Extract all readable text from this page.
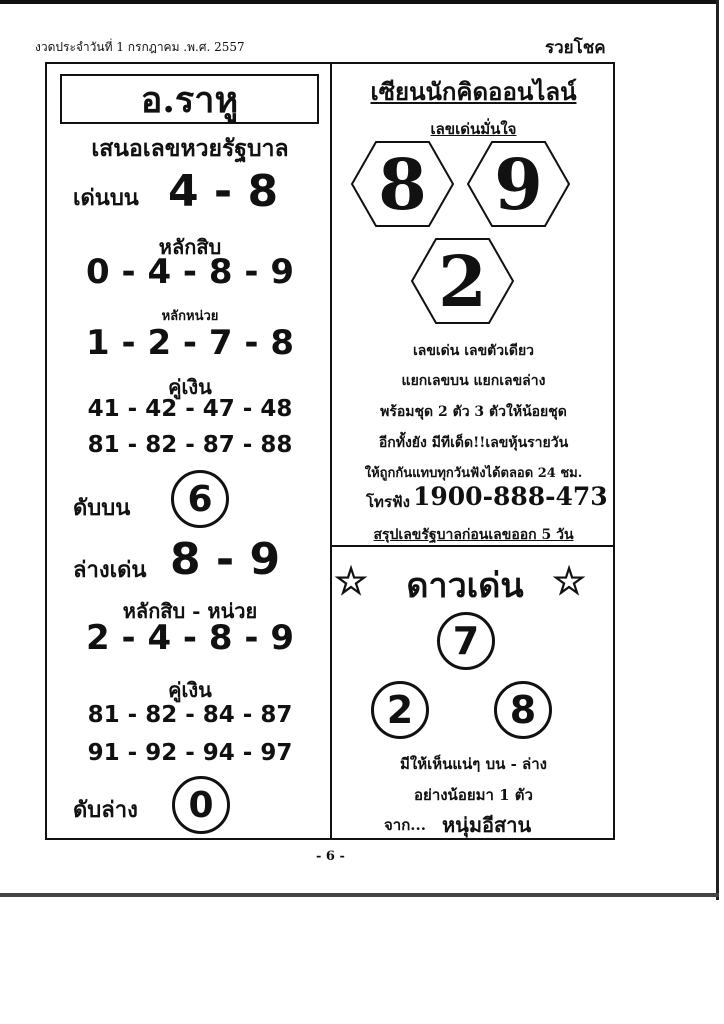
งวดประจำวันที่ 1 กรกฎาคม .พ.ศ. 2557	รวยโชค
อ.ราหู
เสนอเลขหวยรัฐบาล
เด่นบน 4 - 8
หลักสิบ
0 - 4 - 8 - 9
หลักหน่วย
1 - 2 - 7 - 8
คู่เงิน
41 - 42 - 47 - 48
81 - 82 - 87 - 88
ดับบน 6
ล่างเด่น 8 - 9
หลักสิบ - หน่วย
2 - 4 - 8 - 9
คู่เงิน
81 - 82 - 84 - 87
91 - 92 - 94 - 97
ดับล่าง 0
เซียนนักคิดออนไลน์
เลขเด่นมั่นใจ
8 9
2
เลขเด่น เลขตัวเดียว
แยกเลขบน แยกเลขล่าง
พร้อมชุด 2 ตัว 3 ตัวให้น้อยชุด
อีกทั้งยัง มีทีเด็ด!!เลขหุ้นรายวัน
ให้ถูกกันแทบทุกวันฟังได้ตลอด 24 ชม.
โทรฟัง 1900-888-473
สรุปเลขรัฐบาลก่อนเลขออก 5 วัน
☆	ดาวเด่น ☆
7
2	8
มีให้เห็นแน่ๆ บน - ล่าง
อย่างน้อยมา 1 ตัว
จาก... หนุ่มอีสาน
- 6 -
